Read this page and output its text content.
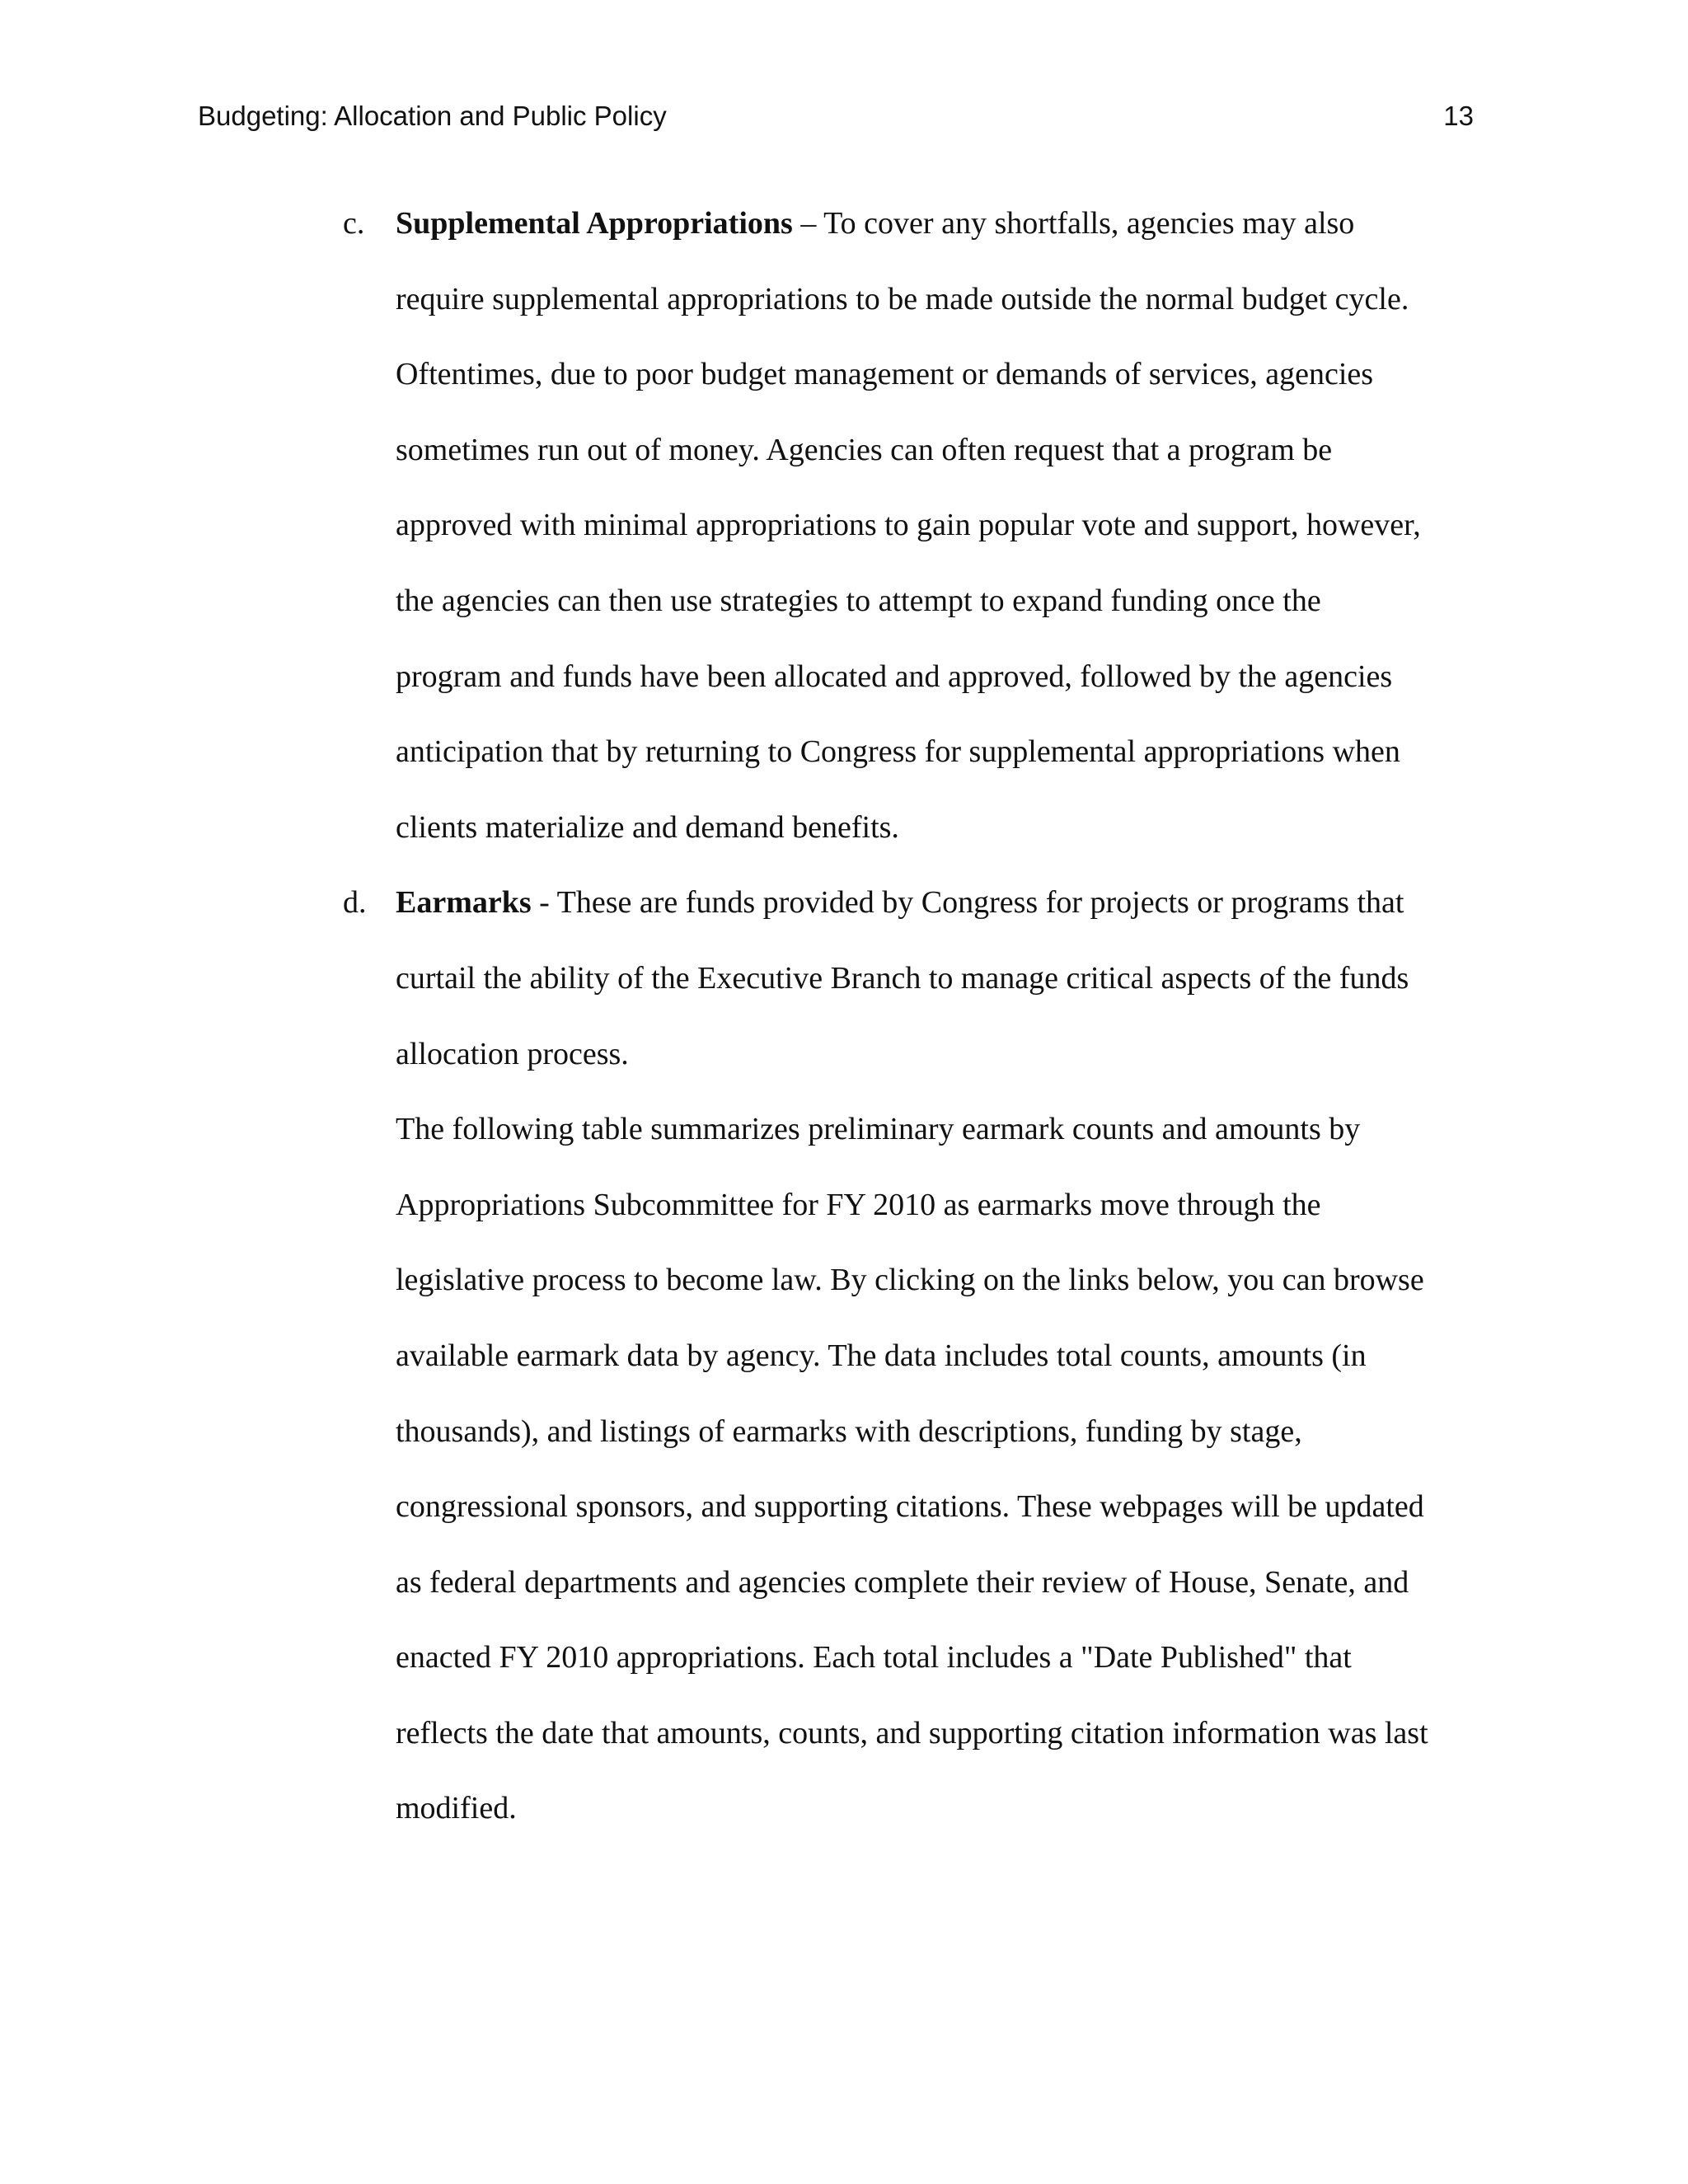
Budgeting: Allocation and Public Policy	13
c. Supplemental Appropriations – To cover any shortfalls, agencies may also
require supplemental appropriations to be made outside the normal budget cycle.
Oftentimes, due to poor budget management or demands of services, agencies
sometimes run out of money. Agencies can often request that a program be
approved with minimal appropriations to gain popular vote and support, however,
the agencies can then use strategies to attempt to expand funding once the
program and funds have been allocated and approved, followed by the agencies
anticipation that by returning to Congress for supplemental appropriations when
clients materialize and demand benefits.
d. Earmarks - These are funds provided by Congress for projects or programs that
curtail the ability of the Executive Branch to manage critical aspects of the funds
allocation process.
The following table summarizes preliminary earmark counts and amounts by
Appropriations Subcommittee for FY 2010 as earmarks move through the
legislative process to become law. By clicking on the links below, you can browse
available earmark data by agency. The data includes total counts, amounts (in
thousands), and listings of earmarks with descriptions, funding by stage,
congressional sponsors, and supporting citations. These webpages will be updated
as federal departments and agencies complete their review of House, Senate, and
enacted FY 2010 appropriations. Each total includes a "Date Published" that
reflects the date that amounts, counts, and supporting citation information was last
modified.
